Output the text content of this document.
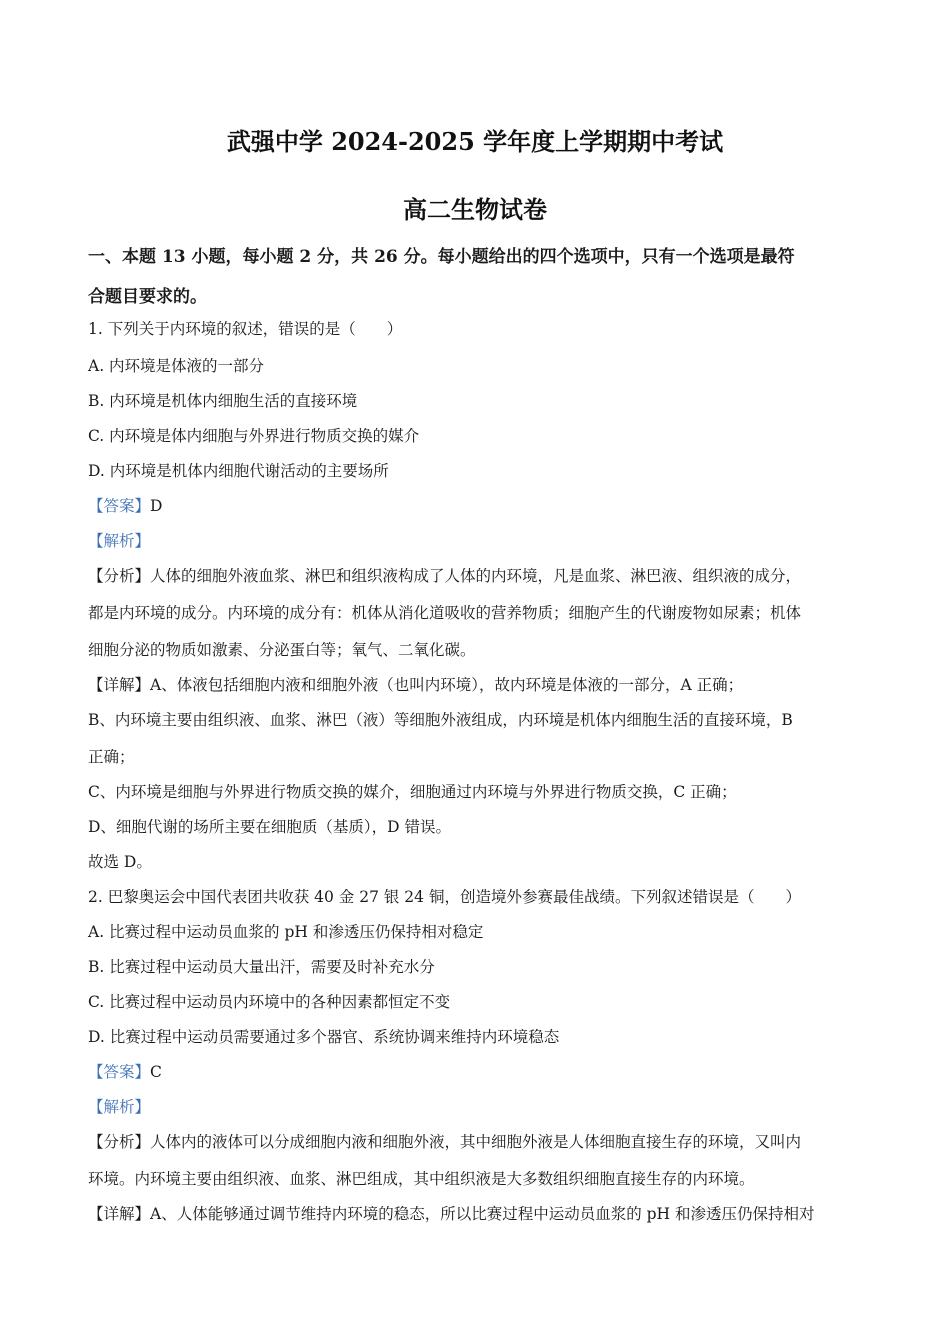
武强中学 2024-2025 学年度上学期期中考试
高二生物试卷
一、本题 13 小题，每小题 2 分，共 26 分。每小题给出的四个选项中，只有一个选项是最符
合题目要求的。
1. 下列关于内环境的叙述，错误的是（　　）
A. 内环境是体液的一部分
B. 内环境是机体内细胞生活的直接环境
C. 内环境是体内细胞与外界进行物质交换的媒介
D. 内环境是机体内细胞代谢活动的主要场所
【答案】D
【解析】
【分析】人体的细胞外液血浆、淋巴和组织液构成了人体的内环境，凡是血浆、淋巴液、组织液的成分，
都是内环境的成分。内环境的成分有：机体从消化道吸收的营养物质；细胞产生的代谢废物如尿素；机体
细胞分泌的物质如激素、分泌蛋白等；氧气、二氧化碳。
【详解】A、体液包括细胞内液和细胞外液（也叫内环境），故内环境是体液的一部分，A 正确；
B、内环境主要由组织液、血浆、淋巴（液）等细胞外液组成，内环境是机体内细胞生活的直接环境，B
正确；
C、内环境是细胞与外界进行物质交换的媒介，细胞通过内环境与外界进行物质交换，C 正确；
D、细胞代谢的场所主要在细胞质（基质），D 错误。
故选 D。
2. 巴黎奥运会中国代表团共收获 40 金 27 银 24 铜，创造境外参赛最佳战绩。下列叙述错误是（　　）
A. 比赛过程中运动员血浆的 pH 和渗透压仍保持相对稳定
B. 比赛过程中运动员大量出汗，需要及时补充水分
C. 比赛过程中运动员内环境中的各种因素都恒定不变
D. 比赛过程中运动员需要通过多个器官、系统协调来维持内环境稳态
【答案】C
【解析】
【分析】人体内的液体可以分成细胞内液和细胞外液，其中细胞外液是人体细胞直接生存的环境，又叫内
环境。内环境主要由组织液、血浆、淋巴组成，其中组织液是大多数组织细胞直接生存的内环境。
【详解】A、人体能够通过调节维持内环境的稳态，所以比赛过程中运动员血浆的 pH 和渗透压仍保持相对
